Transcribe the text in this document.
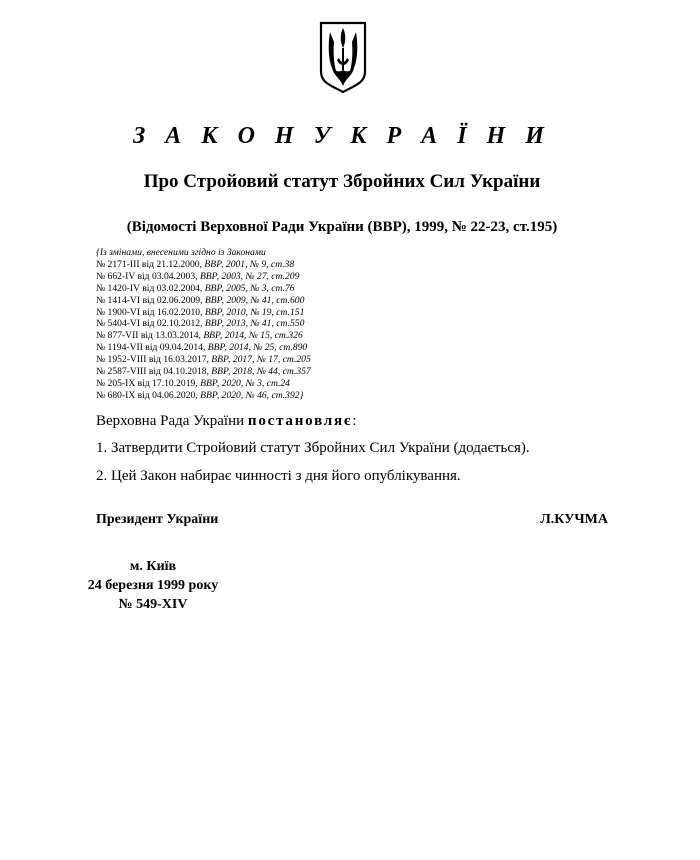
З А К О Н У К Р А Ї Н И
Про Стройовий статут Збройних Сил України
(Відомості Верховної Ради України (ВВР), 1999, № 22-23, ст.195)
{Із змінами, внесеними згідно із Законами
№ 2171-III від 21.12.2000, ВВР, 2001, № 9, ст.38
№ 662-IV від 03.04.2003, ВВР, 2003, № 27, ст.209
№ 1420-IV від 03.02.2004, ВВР, 2005, № 3, ст.76
№ 1414-VI від 02.06.2009, ВВР, 2009, № 41, ст.600
№ 1900-VI від 16.02.2010, ВВР, 2010, № 19, ст.151
№ 5404-VI від 02.10.2012, ВВР, 2013, № 41, ст.550
№ 877-VII від 13.03.2014, ВВР, 2014, № 15, ст.326
№ 1194-VII від 09.04.2014, ВВР, 2014, № 25, ст.890
№ 1952-VIII від 16.03.2017, ВВР, 2017, № 17, ст.205
№ 2587-VIII від 04.10.2018, ВВР, 2018, № 44, ст.357
№ 205-IX від 17.10.2019, ВВР, 2020, № 3, ст.24
№ 680-IX від 04.06.2020, ВВР, 2020, № 46, ст.392}
Верховна Рада України постановляє:
1. Затвердити Стройовий статут Збройних Сил України (додається).
2. Цей Закон набирає чинності з дня його опублікування.
Президент України	Л.КУЧМА
м. Київ
24 березня 1999 року
№ 549-XIV
